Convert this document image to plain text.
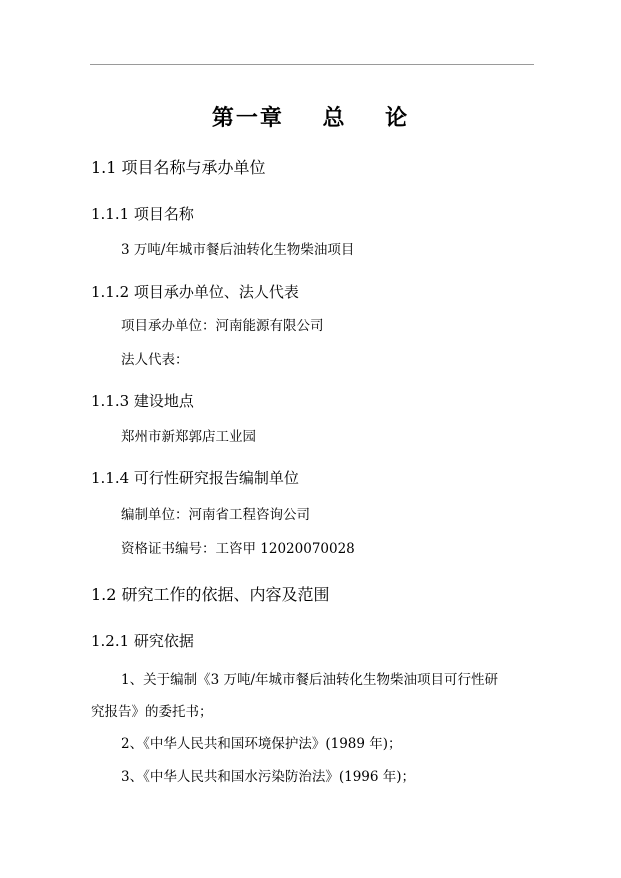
第一章    总    论
1.1 项目名称与承办单位
1.1.1 项目名称
3 万吨/年城市餐后油转化生物柴油项目
1.1.2 项目承办单位、法人代表
项目承办单位：河南能源有限公司
法人代表：
1.1.3 建设地点
郑州市新郑郭店工业园
1.1.4 可行性研究报告编制单位
编制单位：河南省工程咨询公司
资格证书编号：工咨甲 12020070028
1.2 研究工作的依据、内容及范围
1.2.1 研究依据
1、关于编制《3 万吨/年城市餐后油转化生物柴油项目可行性研
究报告》的委托书；
2、《中华人民共和国环境保护法》(1989 年)；
3、《中华人民共和国水污染防治法》(1996 年)；
